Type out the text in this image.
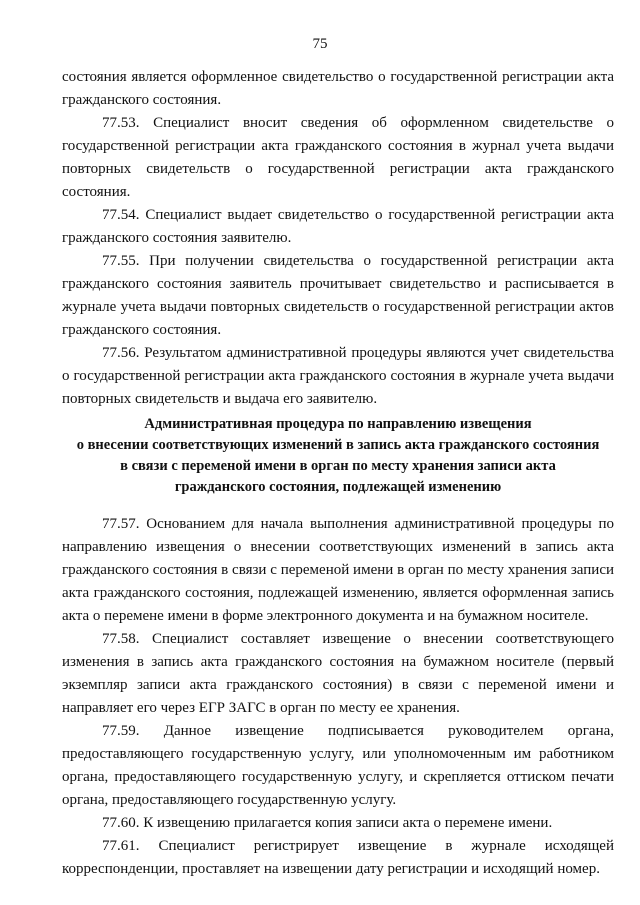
75

состояния является оформленное свидетельство о государственной регистрации акта гражданского состояния.

77.53. Специалист вносит сведения об оформленном свидетельстве о государственной регистрации акта гражданского состояния в журнал учета выдачи повторных свидетельств о государственной регистрации акта гражданского состояния.

77.54. Специалист выдает свидетельство о государственной регистрации акта гражданского состояния заявителю.

77.55. При получении свидетельства о государственной регистрации акта гражданского состояния заявитель прочитывает свидетельство и расписывается в журнале учета выдачи повторных свидетельств о государственной регистрации актов гражданского состояния.

77.56. Результатом административной процедуры являются учет свидетельства о государственной регистрации акта гражданского состояния в журнале учета выдачи повторных свидетельств и выдача его заявителю.

Административная процедура по направлению извещения
о внесении соответствующих изменений в запись акта гражданского состояния
в связи с переменой имени в орган по месту хранения записи акта
гражданского состояния, подлежащей изменению

77.57. Основанием для начала выполнения административной процедуры по направлению извещения о внесении соответствующих изменений в запись акта гражданского состояния в связи с переменой имени в орган по месту хранения записи акта гражданского состояния, подлежащей изменению, является оформленная запись акта о перемене имени в форме электронного документа и на бумажном носителе.

77.58. Специалист составляет извещение о внесении соответствующего изменения в запись акта гражданского состояния на бумажном носителе (первый экземпляр записи акта гражданского состояния) в связи с переменой имени и направляет его через ЕГР ЗАГС в орган по месту ее хранения.

77.59. Данное извещение подписывается руководителем органа, предоставляющего государственную услугу, или уполномоченным им работником органа, предоставляющего государственную услугу, и скрепляется оттиском печати органа, предоставляющего государственную услугу.

77.60. К извещению прилагается копия записи акта о перемене имени.

77.61. Специалист регистрирует извещение в журнале исходящей корреспонденции, проставляет на извещении дату регистрации и исходящий номер.
